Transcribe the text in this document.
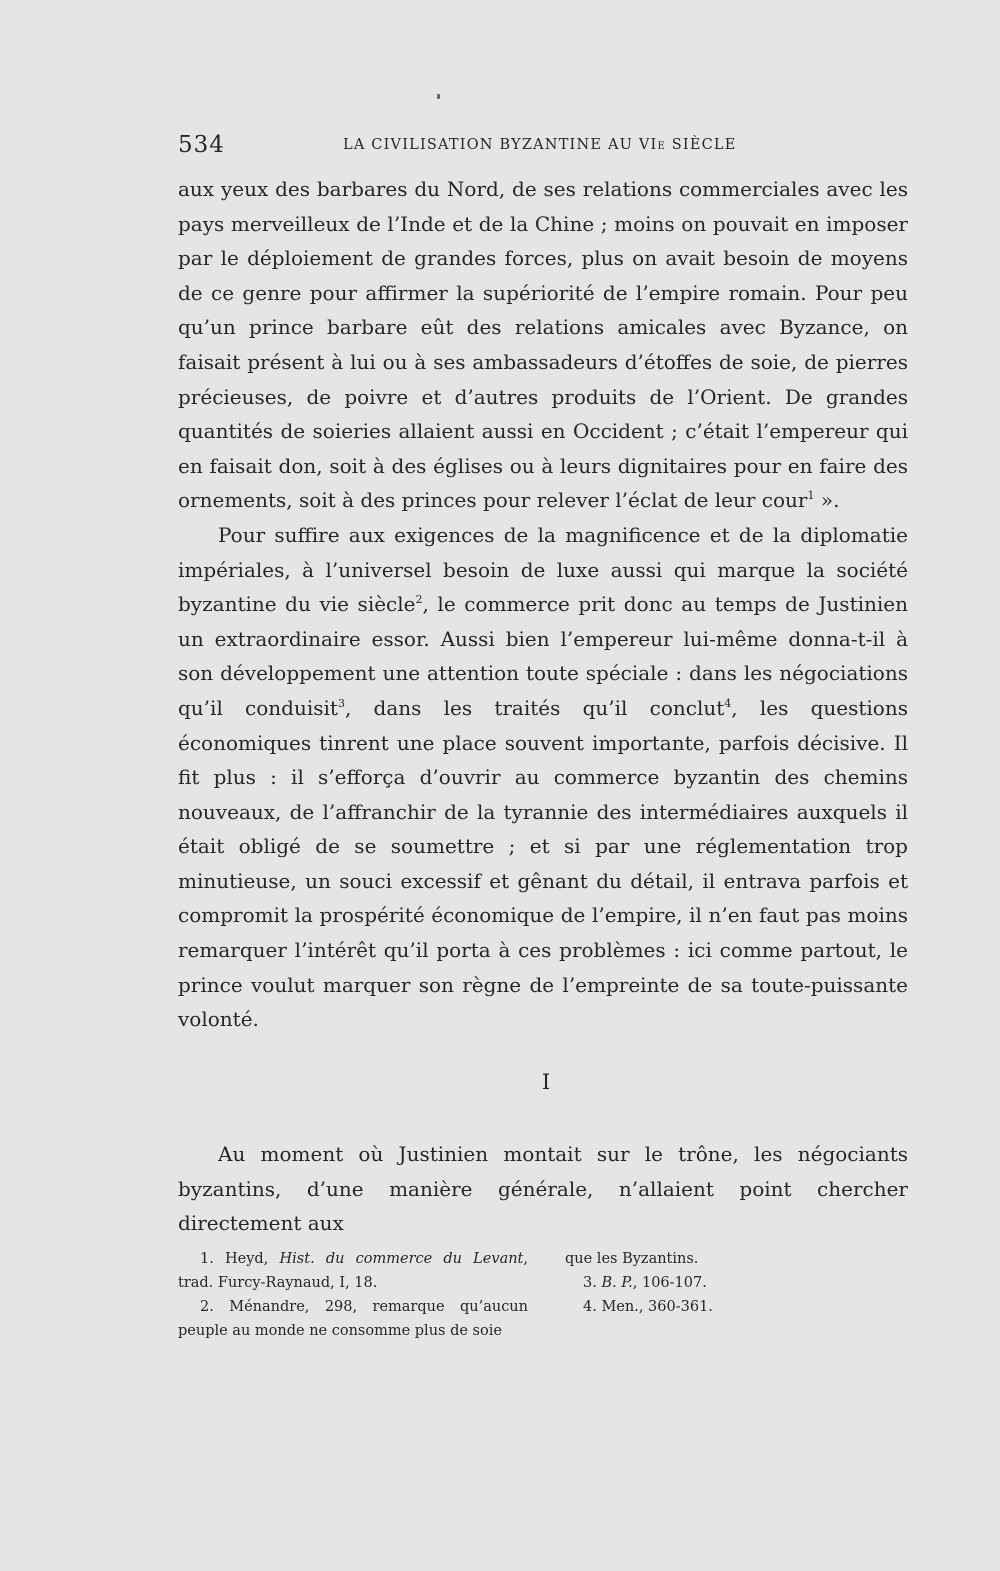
534	LA CIVILISATION BYZANTINE AU VIe SIÈCLE

aux yeux des barbares du Nord, de ses relations commerciales avec les pays merveilleux de l’Inde et de la Chine ; moins on pouvait en imposer par le déploiement de grandes forces, plus on avait besoin de moyens de ce genre pour affirmer la supériorité de l’empire romain. Pour peu qu’un prince barbare eût des relations amicales avec Byzance, on faisait présent à lui ou à ses ambassadeurs d’étoffes de soie, de pierres précieuses, de poivre et d’autres produits de l’Orient. De grandes quantités de soieries allaient aussi en Occident ; c’était l’empereur qui en faisait don, soit à des églises ou à leurs dignitaires pour en faire des ornements, soit à des princes pour relever l’éclat de leur cour$^1$ ».

Pour suffire aux exigences de la magnificence et de la diplomatie impériales, à l’universel besoin de luxe aussi qui marque la société byzantine du vie siècle$^2$, le commerce prit donc au temps de Justinien un extraordinaire essor. Aussi bien l’empereur lui-même donna-t-il à son développement une attention toute spéciale : dans les négociations qu’il conduisit$^3$, dans les traités qu’il conclut$^4$, les questions économiques tinrent une place souvent importante, parfois décisive. Il fit plus : il s’efforça d’ouvrir au commerce byzantin des chemins nouveaux, de l’affranchir de la tyrannie des intermédiaires auxquels il était obligé de se soumettre ; et si par une réglementation trop minutieuse, un souci excessif et gênant du détail, il entrava parfois et compromit la prospérité économique de l’empire, il n’en faut pas moins remarquer l’intérêt qu’il porta à ces problèmes : ici comme partout, le prince voulut marquer son règne de l’empreinte de sa toute-puissante volonté.

I

Au moment où Justinien montait sur le trône, les négociants byzantins, d’une manière générale, n’allaient point chercher directement aux

1. Heyd, Hist. du commerce du Levant, trad. Furcy-Raynaud, I, 18.

2. Ménandre, 298, remarque qu’aucun peuple au monde ne consomme plus de soie

que les Byzantins.

3. B. P., 106-107.

4. Men., 360-361.
